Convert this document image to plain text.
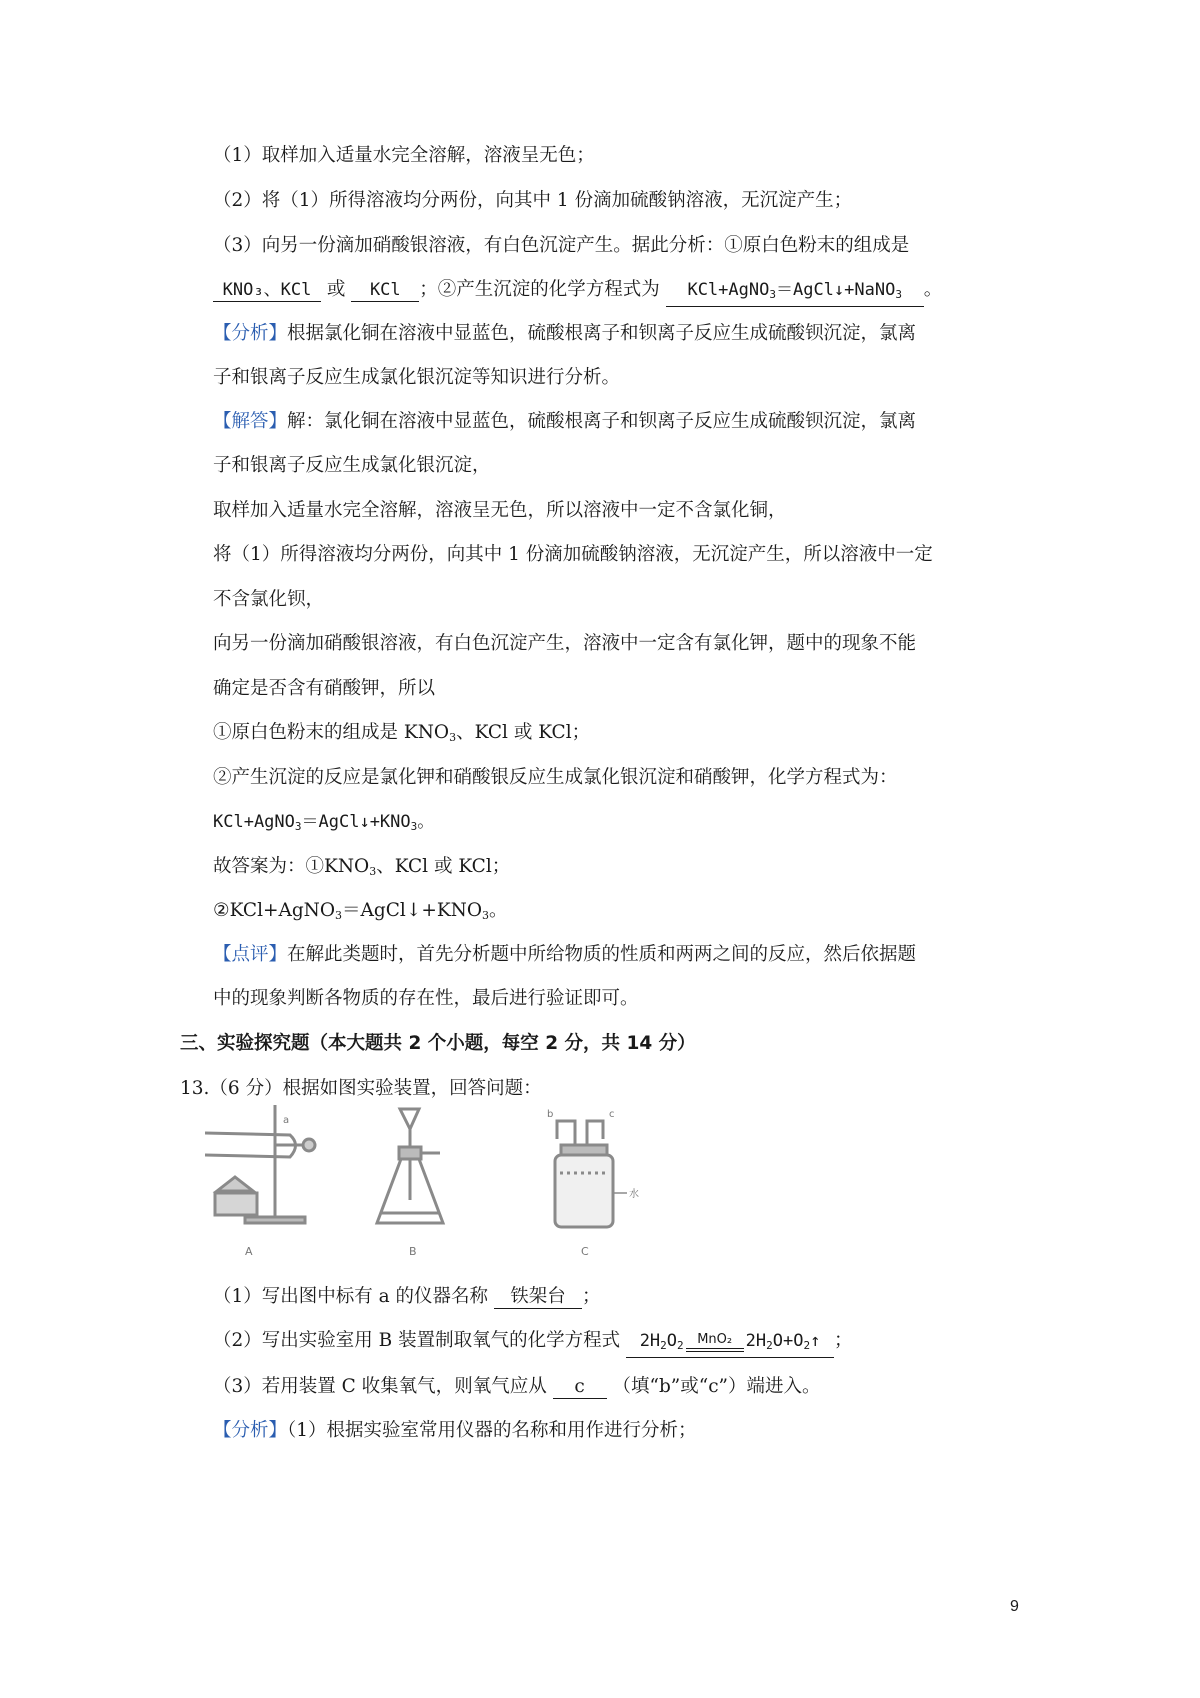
（1）取样加入适量水完全溶解，溶液呈无色；
（2）将（1）所得溶液均分两份，向其中 1 份滴加硫酸钠溶液，无沉淀产生；
（3）向另一份滴加硝酸银溶液，有白色沉淀产生。据此分析：①原白色粉末的组成是
KNO₃、KCl 或 KCl ；②产生沉淀的化学方程式为 KCl+AgNO$_3$＝AgCl↓+NaNO$_3$ 。
【分析】根据氯化铜在溶液中显蓝色，硫酸根离子和钡离子反应生成硫酸钡沉淀，氯离
子和银离子反应生成氯化银沉淀等知识进行分析。
【解答】解：氯化铜在溶液中显蓝色，硫酸根离子和钡离子反应生成硫酸钡沉淀，氯离
子和银离子反应生成氯化银沉淀，
取样加入适量水完全溶解，溶液呈无色，所以溶液中一定不含氯化铜，
将（1）所得溶液均分两份，向其中 1 份滴加硫酸钠溶液，无沉淀产生，所以溶液中一定
不含氯化钡，
向另一份滴加硝酸银溶液，有白色沉淀产生，溶液中一定含有氯化钾，题中的现象不能
确定是否含有硝酸钾，所以
①原白色粉末的组成是 $KNO_3$、KCl 或 KCl；
②产生沉淀的反应是氯化钾和硝酸银反应生成氯化银沉淀和硝酸钾，化学方程式为：
$KCl+AgNO_3=AgCl↓+KNO_3$。
故答案为：$①KNO_3$、KCl 或 KCl；
$②KCl+AgNO_3=AgCl↓+KNO_3$。
【点评】在解此类题时，首先分析题中所给物质的性质和两两之间的反应，然后依据题
中的现象判断各物质的存在性，最后进行验证即可。
三、实验探究题（本大题共 2 个小题，每空 2 分，共 14 分）
13.（6 分）根据如图实验装置，回答问题：
a
A	B
b	c
水
C
（1）写出图中标有 a 的仪器名称 铁架台 ；
（2）写出实验室用 B 装置制取氧气的化学方程式 $2H_2O_2$	MnO₂ $2H_2O+O_2↑$ ；
（3）若用装置 C 收集氧气，则氧气应从 c （填“b”或“c”）端进入。
【分析】（1）根据实验室常用仪器的名称和用作进行分析；
9
